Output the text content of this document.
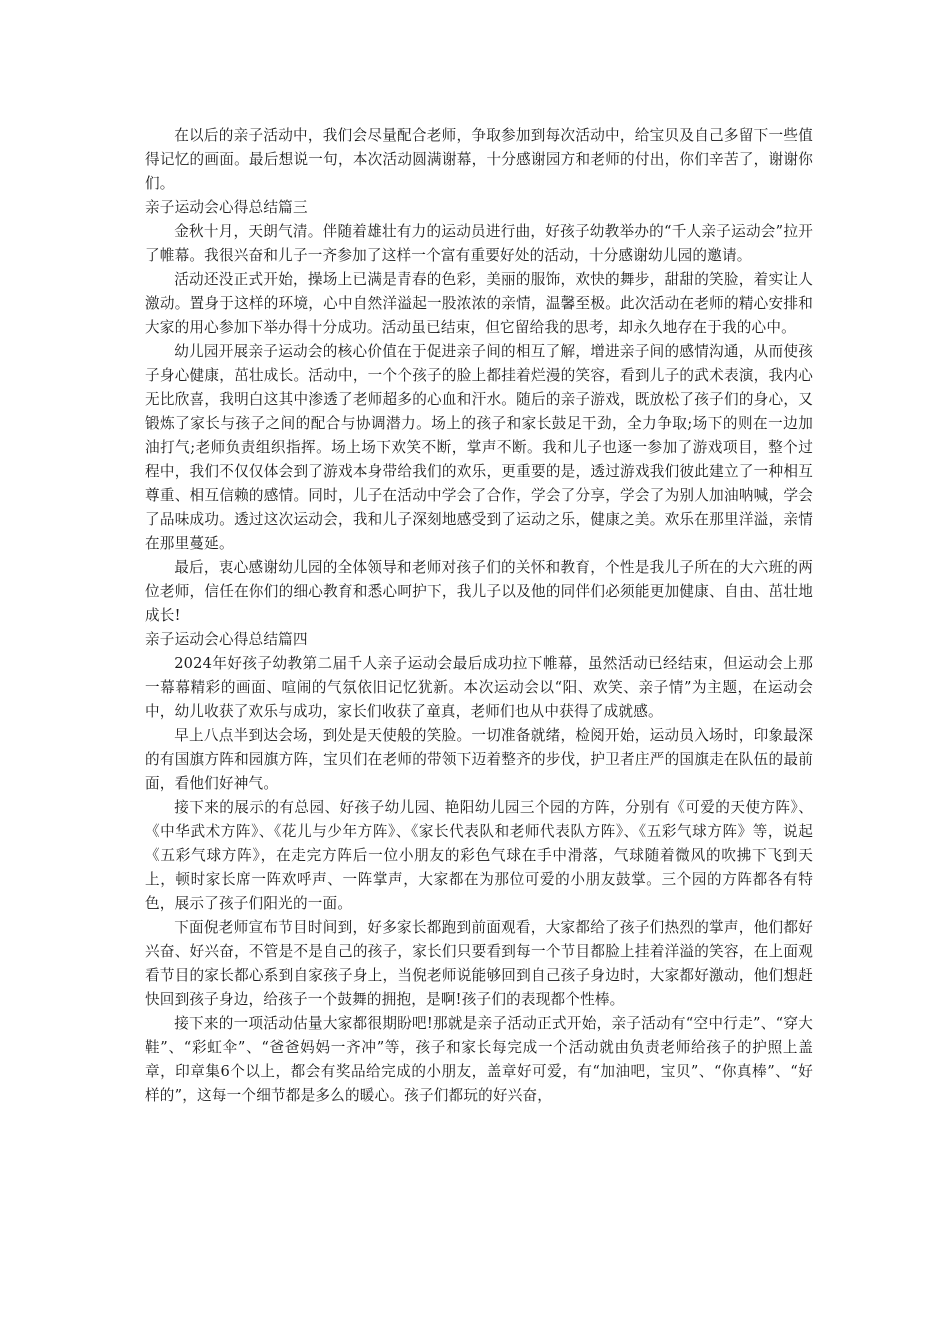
在以后的亲子活动中，我们会尽量配合老师，争取参加到每次活动中，给宝贝及自己多留下一些值得记忆的画面。最后想说一句，本次活动圆满谢幕，十分感谢园方和老师的付出，你们辛苦了，谢谢你们。

亲子运动会心得总结篇三

金秋十月，天朗气清。伴随着雄壮有力的运动员进行曲，好孩子幼教举办的“千人亲子运动会”拉开了帷幕。我很兴奋和儿子一齐参加了这样一个富有重要好处的活动，十分感谢幼儿园的邀请。

活动还没正式开始，操场上已满是青春的色彩，美丽的服饰，欢快的舞步，甜甜的笑脸，着实让人激动。置身于这样的环境，心中自然洋溢起一股浓浓的亲情，温馨至极。此次活动在老师的精心安排和大家的用心参加下举办得十分成功。活动虽已结束，但它留给我的思考，却永久地存在于我的心中。

幼儿园开展亲子运动会的核心价值在于促进亲子间的相互了解，增进亲子间的感情沟通，从而使孩子身心健康，茁壮成长。活动中，一个个孩子的脸上都挂着烂漫的笑容，看到儿子的武术表演，我内心无比欣喜，我明白这其中渗透了老师超多的心血和汗水。随后的亲子游戏，既放松了孩子们的身心，又锻炼了家长与孩子之间的配合与协调潜力。场上的孩子和家长鼓足干劲，全力争取;场下的则在一边加油打气;老师负责组织指挥。场上场下欢笑不断，掌声不断。我和儿子也逐一参加了游戏项目，整个过程中，我们不仅仅体会到了游戏本身带给我们的欢乐，更重要的是，透过游戏我们彼此建立了一种相互尊重、相互信赖的感情。同时，儿子在活动中学会了合作，学会了分享，学会了为别人加油呐喊，学会了品味成功。透过这次运动会，我和儿子深刻地感受到了运动之乐，健康之美。欢乐在那里洋溢，亲情在那里蔓延。

最后，衷心感谢幼儿园的全体领导和老师对孩子们的关怀和教育，个性是我儿子所在的大六班的两位老师，信任在你们的细心教育和悉心呵护下，我儿子以及他的同伴们必须能更加健康、自由、茁壮地成长!

亲子运动会心得总结篇四

2024年好孩子幼教第二届千人亲子运动会最后成功拉下帷幕，虽然活动已经结束，但运动会上那一幕幕精彩的画面、喧闹的气氛依旧记忆犹新。本次运动会以“阳、欢笑、亲子情”为主题，在运动会中，幼儿收获了欢乐与成功，家长们收获了童真，老师们也从中获得了成就感。

早上八点半到达会场，到处是天使般的笑脸。一切准备就绪，检阅开始，运动员入场时，印象最深的有国旗方阵和园旗方阵，宝贝们在老师的带领下迈着整齐的步伐，护卫者庄严的国旗走在队伍的最前面，看他们好神气。

接下来的展示的有总园、好孩子幼儿园、艳阳幼儿园三个园的方阵，分别有《可爱的天使方阵》、《中华武术方阵》、《花儿与少年方阵》、《家长代表队和老师代表队方阵》、《五彩气球方阵》等，说起《五彩气球方阵》，在走完方阵后一位小朋友的彩色气球在手中滑落，气球随着微风的吹拂下飞到天上，顿时家长席一阵欢呼声、一阵掌声，大家都在为那位可爱的小朋友鼓掌。三个园的方阵都各有特色，展示了孩子们阳光的一面。

下面倪老师宣布节目时间到，好多家长都跑到前面观看，大家都给了孩子们热烈的掌声，他们都好兴奋、好兴奋，不管是不是自己的孩子，家长们只要看到每一个节目都脸上挂着洋溢的笑容，在上面观看节目的家长都心系到自家孩子身上，当倪老师说能够回到自己孩子身边时，大家都好激动，他们想赶快回到孩子身边，给孩子一个鼓舞的拥抱，是啊!孩子们的表现都个性棒。

接下来的一项活动估量大家都很期盼吧!那就是亲子活动正式开始，亲子活动有“空中行走”、“穿大鞋”、“彩虹伞”、“爸爸妈妈一齐冲”等，孩子和家长每完成一个活动就由负责老师给孩子的护照上盖章，印章集6个以上，都会有奖品给完成的小朋友，盖章好可爱，有“加油吧，宝贝”、“你真棒”、“好样的”，这每一个细节都是多么的暖心。孩子们都玩的好兴奋，
